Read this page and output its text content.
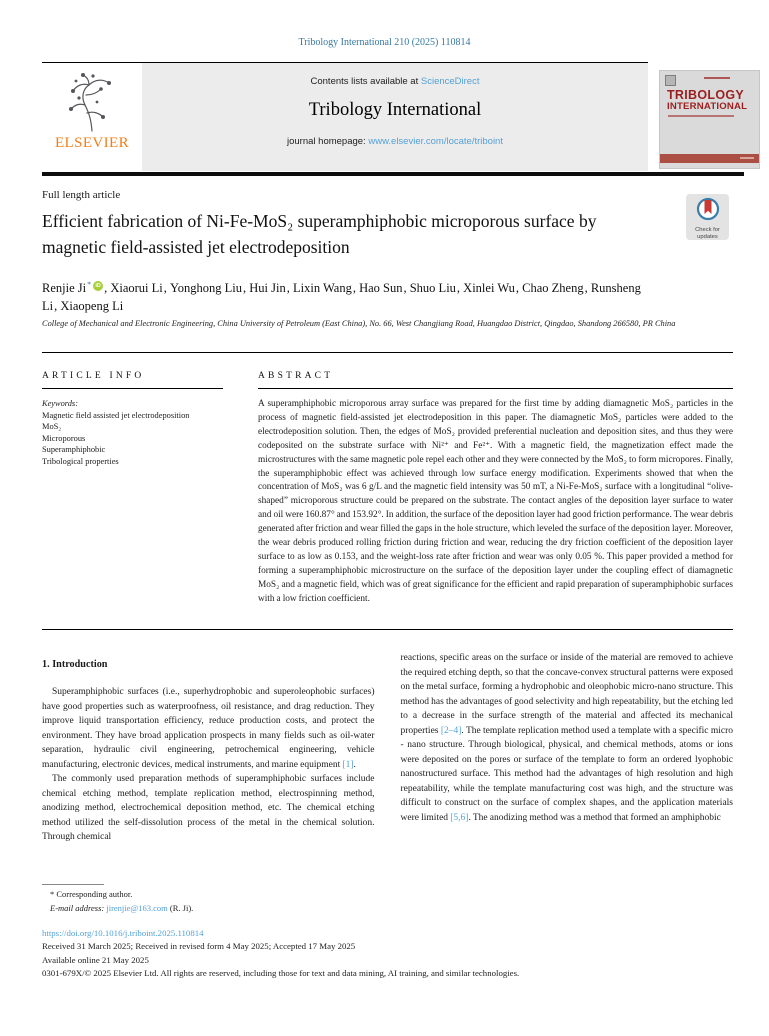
Tribology International 210 (2025) 110814
ELSEVIER
Contents lists available at ScienceDirect
Tribology International
journal homepage: www.elsevier.com/locate/triboint
TRIBOLOGY
INTERNATIONAL
Full length article
Check for updates
Efficient fabrication of Ni-Fe-MoS₂ superamphiphobic microporous surface by magnetic field-assisted jet electrodeposition
Renjie Ji* iD , Xiaorui Li, Yonghong Liu, Hui Jin, Lixin Wang, Hao Sun, Shuo Liu, Xinlei Wu, Chao Zheng, Runsheng Li, Xiaopeng Li
College of Mechanical and Electronic Engineering, China University of Petroleum (East China), No. 66, West Changjiang Road, Huangdao District, Qingdao, Shandong 266580, PR China
ARTICLE INFO
Keywords:
Magnetic field assisted jet electrodeposition
MoS₂
Microporous
Superamphiphobic
Tribological properties
ABSTRACT

A superamphiphobic microporous array surface was prepared for the first time by adding diamagnetic MoS₂ particles in the process of magnetic field-assisted jet electrodeposition in this paper. The diamagnetic MoS₂ particles were added to the electrodeposition solution. Then, the edges of MoS₂ provided preferential nucleation and deposition sites, and thus they were codeposited on the substrate surface with Ni²⁺ and Fe²⁺. With a magnetic field, the magnetization effect made the microstructures with the same magnetic pole repel each other and they were connected by the MoS₂ to form micropores. Finally, the superamphiphobic effect was achieved through low surface energy modification. Experiments showed that when the concentration of MoS₂ was 6 g/L and the magnetic field intensity was 50 mT, a Ni-Fe-MoS₂ surface with a longitudinal “olive-shaped” microporous structure could be prepared on the substrate. The contact angles of the deposition layer surface to water and oil were 160.87° and 153.92°. In addition, the surface of the deposition layer had good friction performance. The wear debris generated after friction and wear filled the gaps in the hole structure, which leveled the surface of the deposition layer. Moreover, the wear debris produced rolling friction during friction and wear, reducing the dry friction coefficient of the deposition layer surface to as low as 0.153, and the weight-loss rate after friction and wear was only 0.05 %. This paper provided a method for forming a superamphiphobic microstructure on the surface of the deposition layer under the coupling effect of diamagnetic MoS₂ and a magnetic field, which was of great significance for the efficient and rapid preparation of superamphiphobic surfaces with a low friction coefficient.

1. Introduction

Superamphiphobic surfaces (i.e., superhydrophobic and superoleophobic surfaces) have good properties such as waterproofness, oil resistance, and drag reduction. They improve liquid transportation efficiency, reduce production costs, and protect the environment. They have broad application prospects in many fields such as oil-water separation, hydraulic civil engineering, petrochemical engineering, vehicle manufacturing, electronic devices, medical instruments, and marine equipment [1].

The commonly used preparation methods of superamphiphobic surfaces include chemical etching method, template replication method, electrospinning method, anodizing method, electrochemical deposition method, etc. The chemical etching method utilized the self-dissolution process of the metal in the chemical solution. Through chemical

reactions, specific areas on the surface or inside of the material are removed to achieve the required etching depth, so that the concave-convex structural patterns were exposed on the metal surface, forming a hydrophobic and oleophobic micro-nano structure. This method has the advantages of good selectivity and high repeatability, but the etching led to a decrease in the surface strength of the material and affected its mechanical properties [2–4]. The template replication method used a template with a specific micro - nano structure. Through biological, physical, and chemical methods, atoms or ions were deposited on the pores or surface of the template to form an ordered lyophobic nanostructured surface. This method had the advantages of high resolution and high repeatability, while the template manufacturing cost was high, and the structure was difficult to construct on the surface of complex shapes, and the application materials were limited [5,6]. The anodizing method was a method that formed an amphiphobic

* Corresponding author.
E-mail address: jirenjie@163.com (R. Ji).
https://doi.org/10.1016/j.triboint.2025.110814
Received 31 March 2025; Received in revised form 4 May 2025; Accepted 17 May 2025
Available online 21 May 2025
0301-679X/© 2025 Elsevier Ltd. All rights are reserved, including those for text and data mining, AI training, and similar technologies.
